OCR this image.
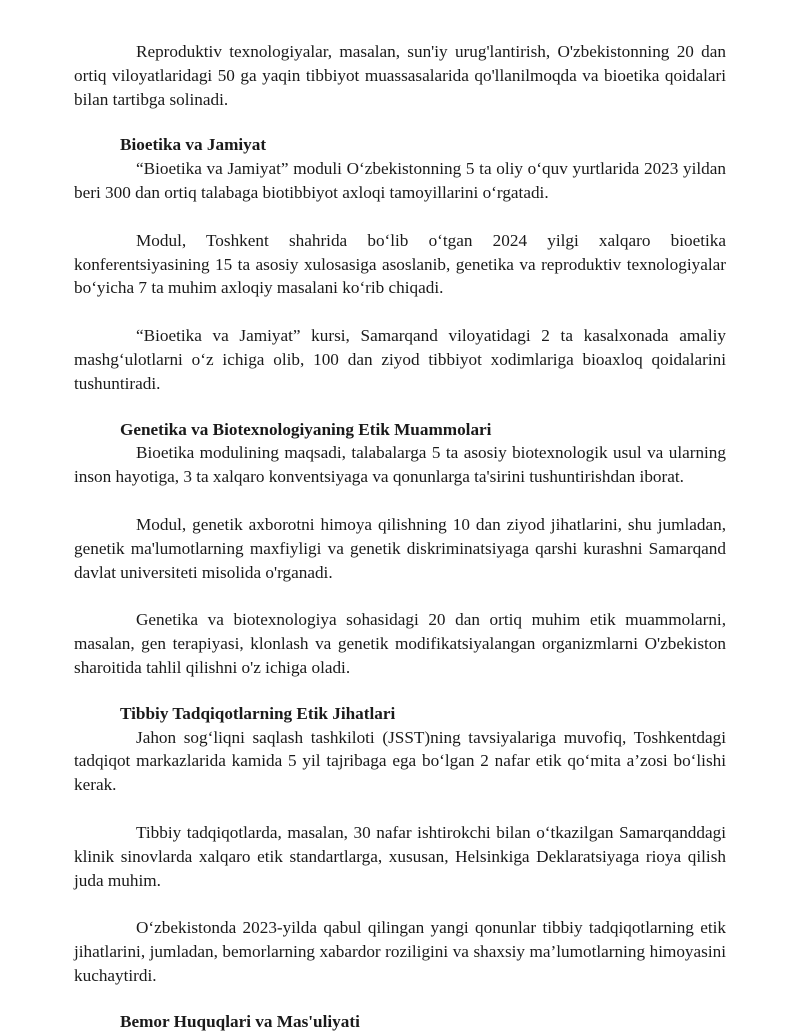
Reproduktiv texnologiyalar, masalan, sun'iy urug'lantirish, O'zbekistonning 20 dan ortiq viloyatlaridagi 50 ga yaqin tibbiyot muassasalarida qo'llanilmoqda va bioetika qoidalari bilan tartibga solinadi.

Bioetika va Jamiyat

“Bioetika va Jamiyat” moduli O‘zbekistonning 5 ta oliy o‘quv yurtlarida 2023 yildan beri 300 dan ortiq talabaga biotibbiyot axloqi tamoyillarini o‘rgatadi.

Modul, Toshkent shahrida bo‘lib o‘tgan 2024 yilgi xalqaro bioetika konferentsiyasining 15 ta asosiy xulosasiga asoslanib, genetika va reproduktiv texnologiyalar bo‘yicha 7 ta muhim axloqiy masalani ko‘rib chiqadi.

“Bioetika va Jamiyat” kursi, Samarqand viloyatidagi 2 ta kasalxonada amaliy mashg‘ulotlarni o‘z ichiga olib, 100 dan ziyod tibbiyot xodimlariga bioaxloq qoidalarini tushuntiradi.

Genetika va Biotexnologiyaning Etik Muammolari

Bioetika modulining maqsadi, talabalarga 5 ta asosiy biotexnologik usul va ularning inson hayotiga, 3 ta xalqaro konventsiyaga va qonunlarga ta'sirini tushuntirishdan iborat.

Modul, genetik axborotni himoya qilishning 10 dan ziyod jihatlarini, shu jumladan, genetik ma'lumotlarning maxfiyligi va genetik diskriminatsiyaga qarshi kurashni Samarqand davlat universiteti misolida o'rganadi.

Genetika va biotexnologiya sohasidagi 20 dan ortiq muhim etik muammolarni, masalan, gen terapiyasi, klonlash va genetik modifikatsiyalangan organizmlarni O'zbekiston sharoitida tahlil qilishni o'z ichiga oladi.

Tibbiy Tadqiqotlarning Etik Jihatlari

Jahon sog‘liqni saqlash tashkiloti (JSST)ning tavsiyalariga muvofiq, Toshkentdagi tadqiqot markazlarida kamida 5 yil tajribaga ega bo‘lgan 2 nafar etik qo‘mita a’zosi bo‘lishi kerak.

Tibbiy tadqiqotlarda, masalan, 30 nafar ishtirokchi bilan o‘tkazilgan Samarqanddagi klinik sinovlarda xalqaro etik standartlarga, xususan, Helsinkiga Deklaratsiyaga rioya qilish juda muhim.

O‘zbekistonda 2023-yilda qabul qilingan yangi qonunlar tibbiy tadqiqotlarning etik jihatlarini, jumladan, bemorlarning xabardor roziligini va shaxsiy ma’lumotlarning himoyasini kuchaytirdi.

Bemor Huquqlari va Mas'uliyati
